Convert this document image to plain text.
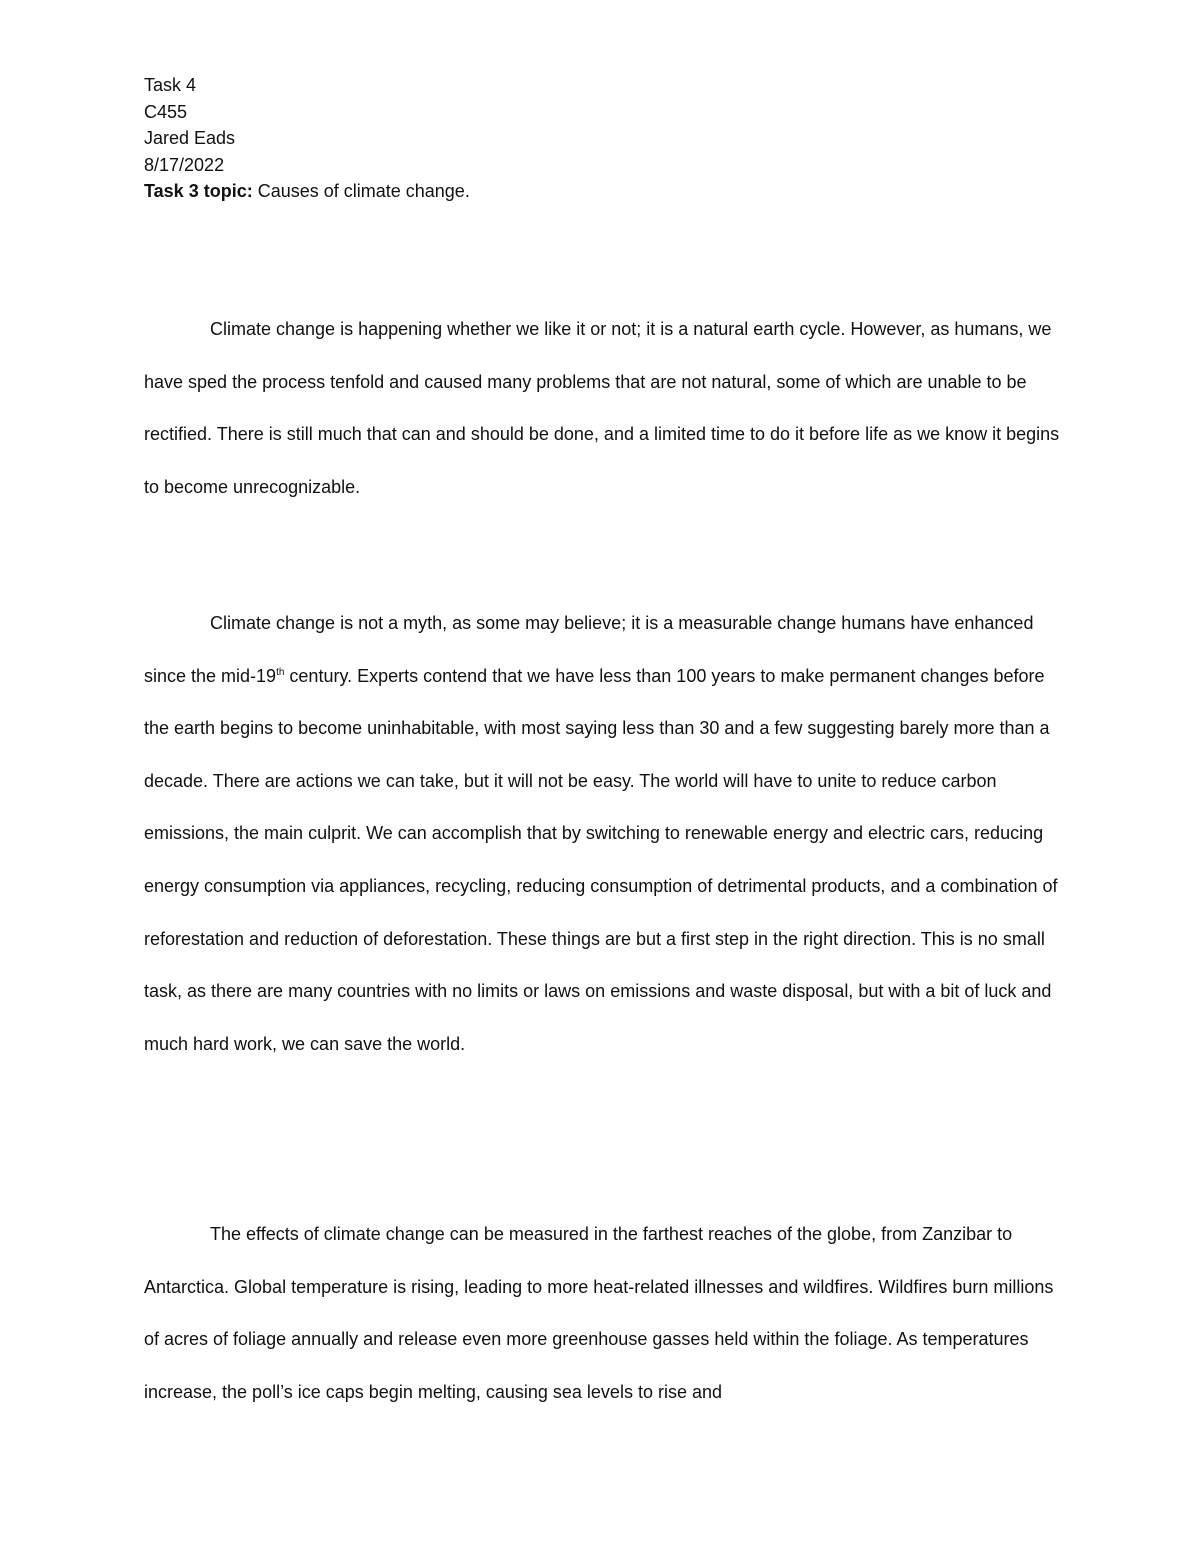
Task 4
C455
Jared Eads
8/17/2022
Task 3 topic: Causes of climate change.

Climate change is happening whether we like it or not; it is a natural earth cycle. However, as humans, we have sped the process tenfold and caused many problems that are not natural, some of which are unable to be rectified. There is still much that can and should be done, and a limited time to do it before life as we know it begins to become unrecognizable.

Climate change is not a myth, as some may believe; it is a measurable change humans have enhanced since the mid-19th century. Experts contend that we have less than 100 years to make permanent changes before the earth begins to become uninhabitable, with most saying less than 30 and a few suggesting barely more than a decade. There are actions we can take, but it will not be easy. The world will have to unite to reduce carbon emissions, the main culprit. We can accomplish that by switching to renewable energy and electric cars, reducing energy consumption via appliances, recycling, reducing consumption of detrimental products, and a combination of reforestation and reduction of deforestation. These things are but a first step in the right direction. This is no small task, as there are many countries with no limits or laws on emissions and waste disposal, but with a bit of luck and much hard work, we can save the world.

The effects of climate change can be measured in the farthest reaches of the globe, from Zanzibar to Antarctica. Global temperature is rising, leading to more heat-related illnesses and wildfires. Wildfires burn millions of acres of foliage annually and release even more greenhouse gasses held within the foliage. As temperatures increase, the poll’s ice caps begin melting, causing sea levels to rise and
